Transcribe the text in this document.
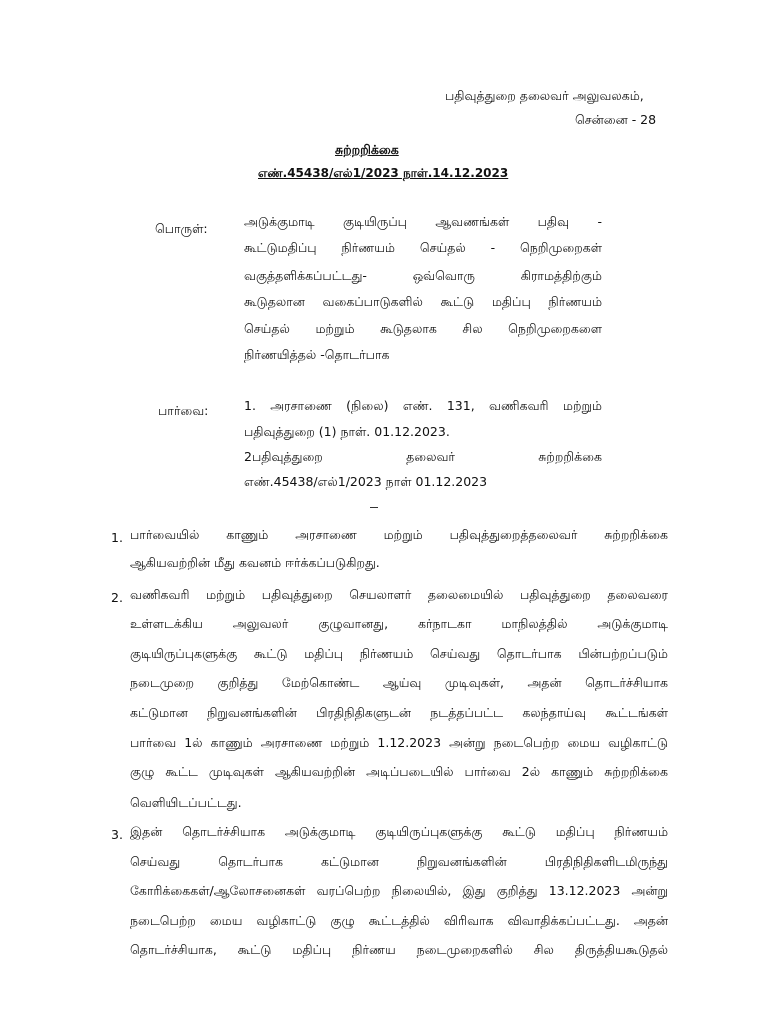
பதிவுத்துறை தலைவர் அலுவலகம்,
சென்னை - 28
சுற்றறிக்கை
எண்.45438/எல்1/2023 நாள்.14.12.2023
பொருள்:	அடுக்குமாடி குடியிருப்பு ஆவணங்கள் பதிவு -
கூட்டுமதிப்பு நிர்ணயம் செய்தல் - நெறிமுறைகள்
வகுத்தளிக்கப்பட்டது- ஒவ்வொரு கிராமத்திற்கும்
கூடுதலான வகைப்பாடுகளில் கூட்டு மதிப்பு நிர்ணயம்
செய்தல் மற்றும் கூடுதலாக சில நெறிமுறைகளை
நிர்ணயித்தல் -தொடர்பாக
பார்வை:	1. அரசாணை (நிலை) எண். 131, வணிகவரி மற்றும்
பதிவுத்துறை (1) நாள். 01.12.2023.
2பதிவுத்துறை தலைவர் சுற்றறிக்கை
எண்.45438/எல்1/2023 நாள் 01.12.2023
1. பார்வையில் காணும் அரசாணை மற்றும் பதிவுத்துறைத்தலைவர் சுற்றறிக்கை
ஆகியவற்றின் மீது கவனம் ஈர்க்கப்படுகிறது.
2. வணிகவரி மற்றும் பதிவுத்துறை செயலாளர் தலைமையில் பதிவுத்துறை தலைவரை
உள்ளடக்கிய அலுவலர் குழுவானது, கர்நாடகா மாநிலத்தில் அடுக்குமாடி
குடியிருப்புகளுக்கு கூட்டு மதிப்பு நிர்ணயம் செய்வது தொடர்பாக பின்பற்றப்படும்
நடைமுறை குறித்து மேற்கொண்ட ஆய்வு முடிவுகள், அதன் தொடர்ச்சியாக
கட்டுமான நிறுவனங்களின் பிரதிநிதிகளுடன் நடத்தப்பட்ட கலந்தாய்வு கூட்டங்கள்
பார்வை 1ல் காணும் அரசாணை மற்றும் 1.12.2023 அன்று நடைபெற்ற மைய வழிகாட்டு
குழு கூட்ட முடிவுகள் ஆகியவற்றின் அடிப்படையில் பார்வை 2ல் காணும் சுற்றறிக்கை
வெளியிடப்பட்டது.
3. இதன் தொடர்ச்சியாக அடுக்குமாடி குடியிருப்புகளுக்கு கூட்டு மதிப்பு நிர்ணயம்
செய்வது தொடர்பாக கட்டுமான நிறுவனங்களின் பிரதிநிதிகளிடமிருந்து
கோரிக்கைகள்/ஆலோசனைகள் வரப்பெற்ற நிலையில், இது குறித்து 13.12.2023 அன்று
நடைபெற்ற மைய வழிகாட்டு குழு கூட்டத்தில் விரிவாக விவாதிக்கப்பட்டது. அதன்
தொடர்ச்சியாக, கூட்டு மதிப்பு நிர்ணய நடைமுறைகளில் சில திருத்தியகூடுதல்
